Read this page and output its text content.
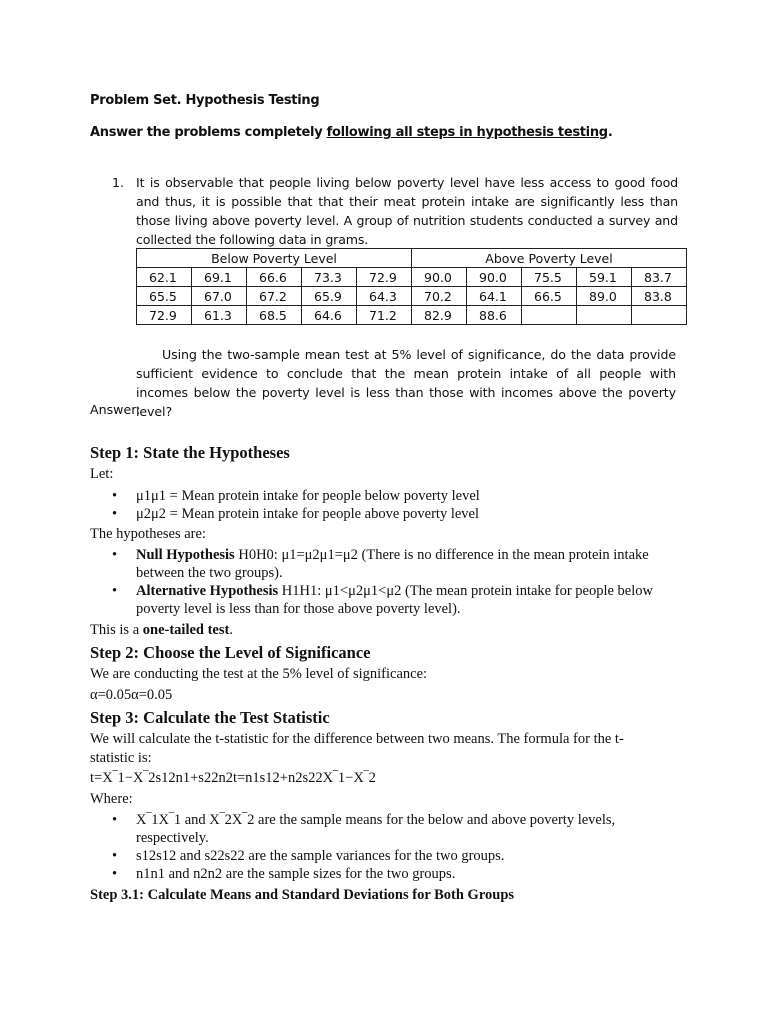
Problem Set. Hypothesis Testing
Answer the problems completely following all steps in hypothesis testing.
1. It is observable that people living below poverty level have less access to good food and thus, it is possible that that their meat protein intake are significantly less than those living above poverty level. A group of nutrition students conducted a survey and collected the following data in grams.
Below Poverty Level					Above Poverty Level				
62.1	69.1	66.6	73.3	72.9	90.0	90.0	75.5	59.1	83.7
65.5	67.0	67.2	65.9	64.3	70.2	64.1	66.5	89.0	83.8
72.9	61.3	68.5	64.6	71.2	82.9	88.6			
Using the two-sample mean test at 5% level of significance, do the data provide sufficient evidence to conclude that the mean protein intake of all people with incomes below the poverty level is less than those with incomes above the poverty level?
Answer:
Step 1: State the Hypotheses
Let:
• μ1μ1 = Mean protein intake for people below poverty level
• μ2μ2 = Mean protein intake for people above poverty level
The hypotheses are:
• Null Hypothesis H0H0: μ1=μ2μ1=μ2 (There is no difference in the mean protein intake between the two groups).
• Alternative Hypothesis H1H1: μ1<μ2μ1<μ2 (The mean protein intake for people below poverty level is less than for those above poverty level).
This is a one-tailed test.
Step 2: Choose the Level of Significance
We are conducting the test at the 5% level of significance:
α=0.05α=0.05
Step 3: Calculate the Test Statistic
We will calculate the t-statistic for the difference between two means. The formula for the t-statistic is:
t=X‾1−X‾2s12n1+s22n2t=n1s12+n2s22X‾1−X‾2
Where:
• X‾1X‾1 and X‾2X‾2 are the sample means for the below and above poverty levels, respectively.
• s12s12 and s22s22 are the sample variances for the two groups.
• n1n1 and n2n2 are the sample sizes for the two groups.
Step 3.1: Calculate Means and Standard Deviations for Both Groups
